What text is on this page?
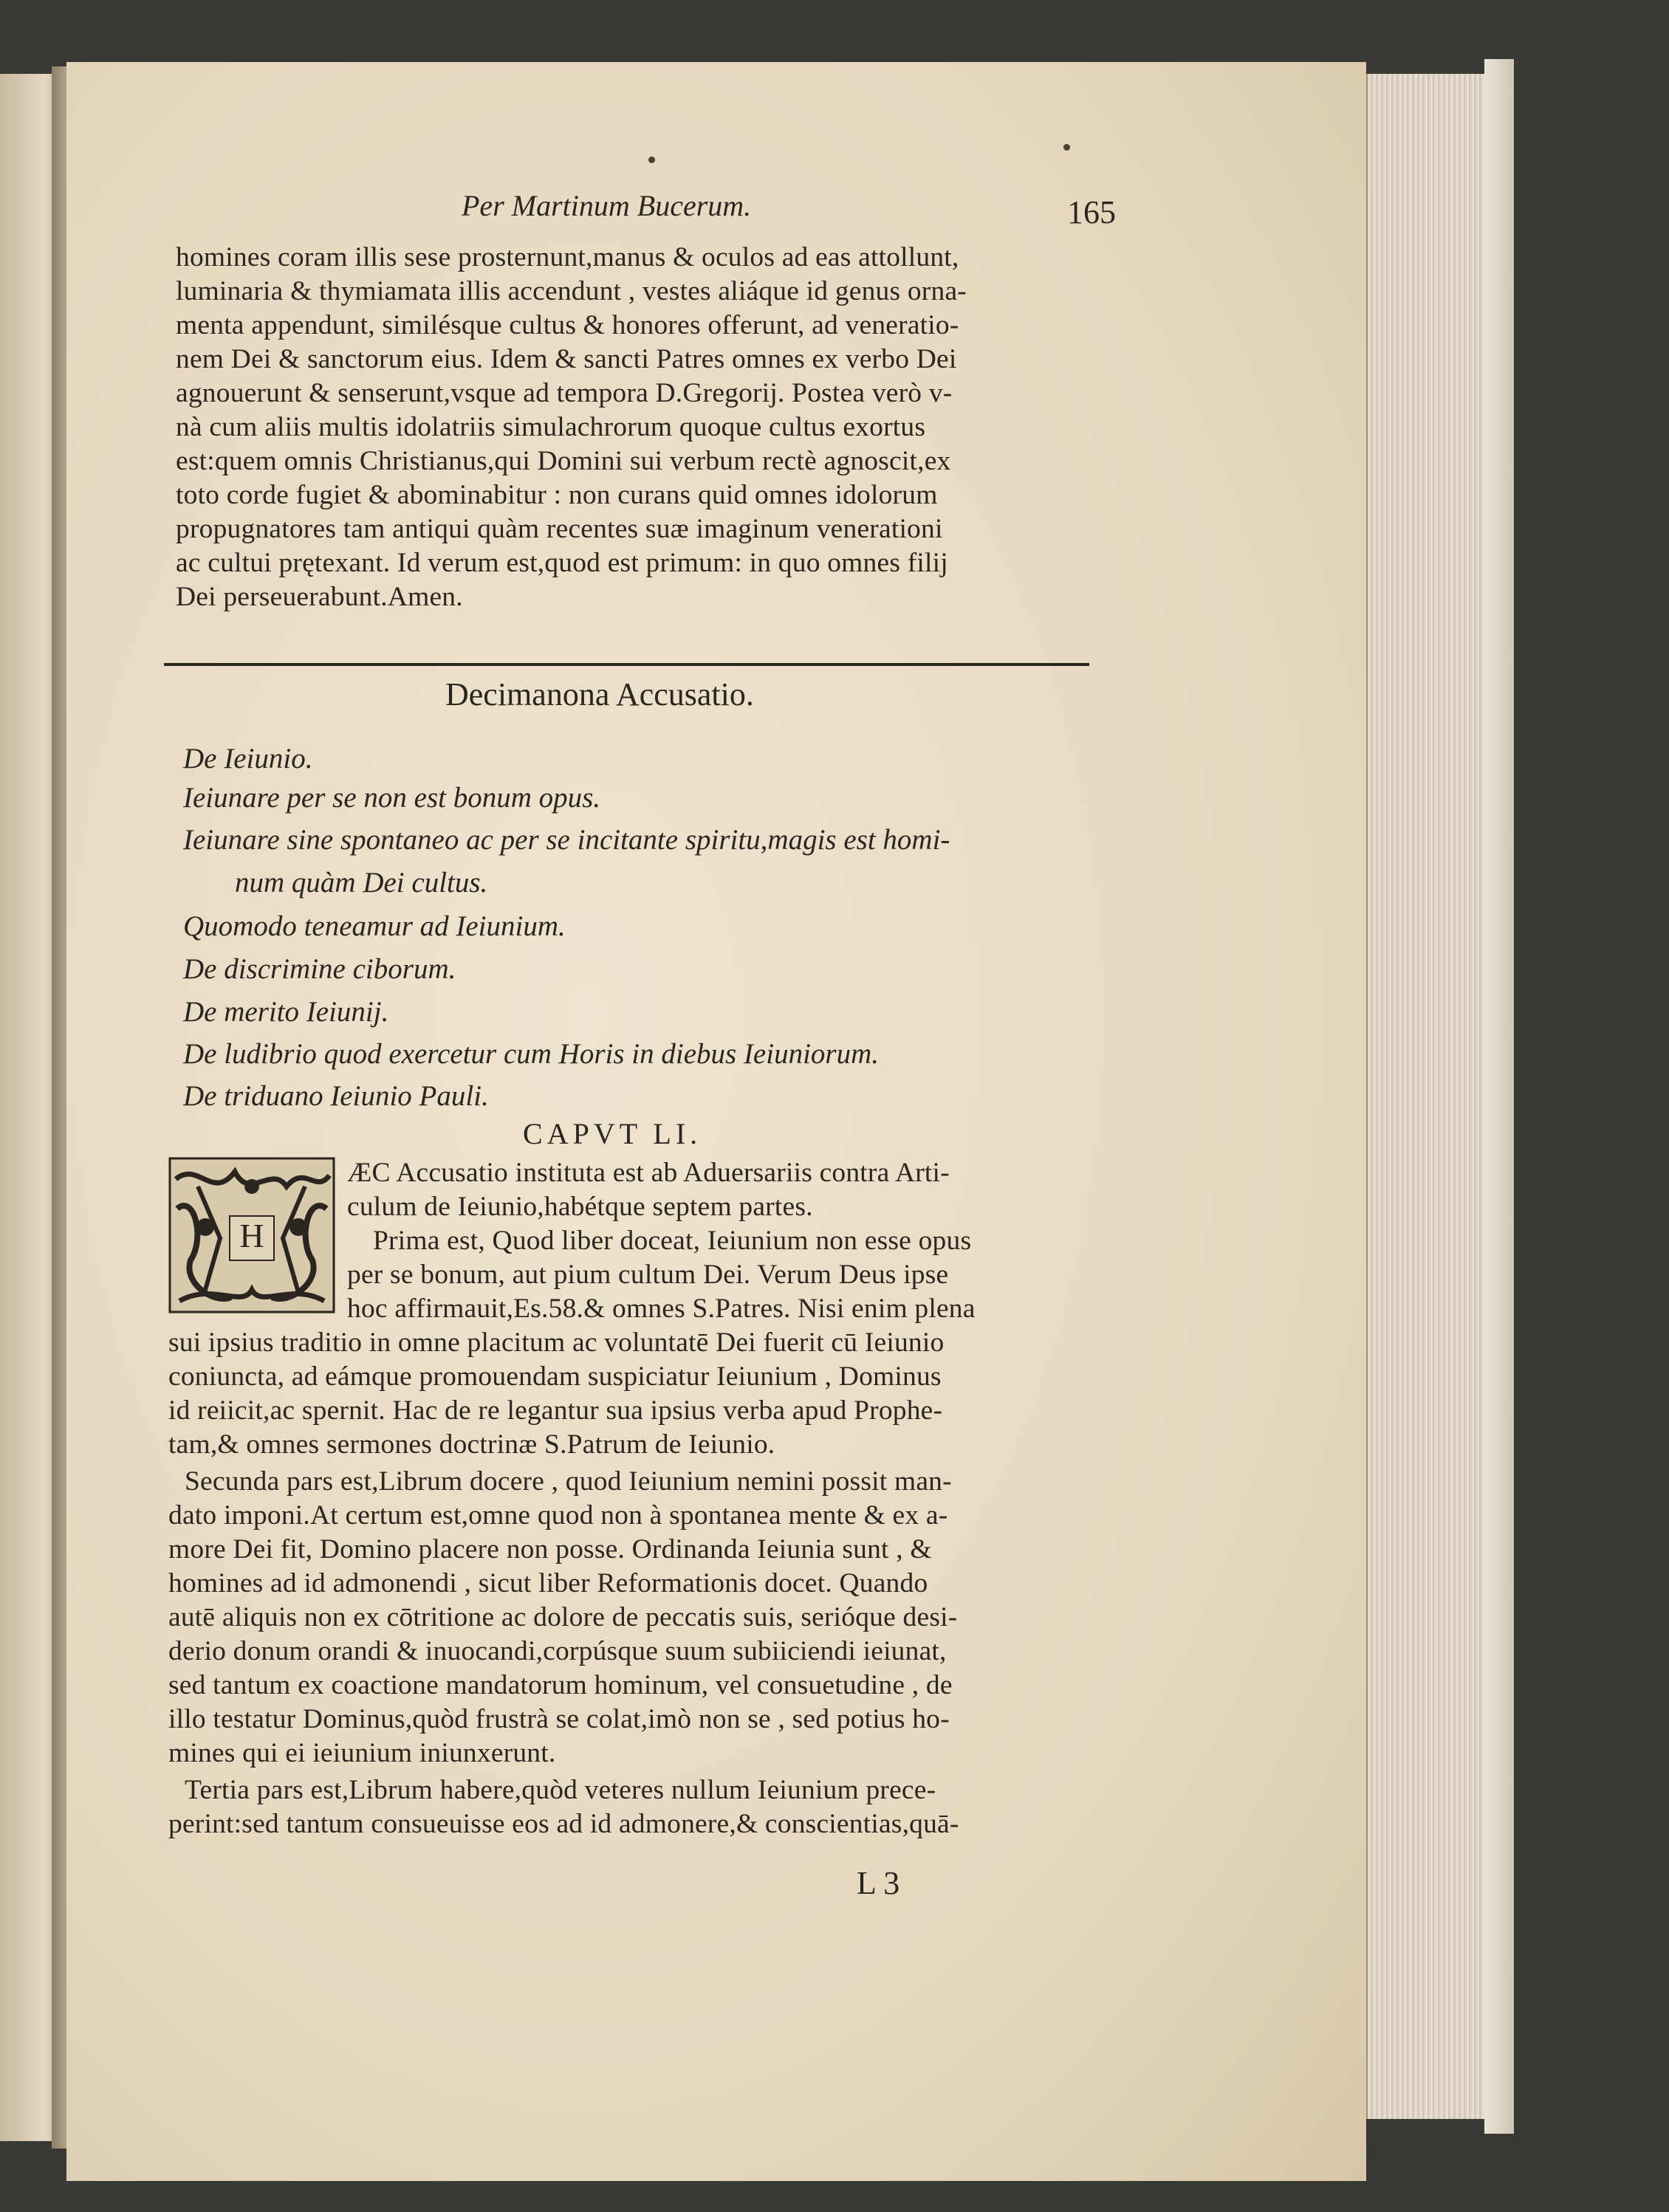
Per Martinum Bucerum.	165
homines coram illis sese prosternunt,manus & oculos ad eas attollunt,
luminaria & thymiamata illis accendunt , vestes aliáque id genus orna-
menta appendunt, similésque cultus & honores offerunt, ad veneratio-
nem Dei & sanctorum eius. Idem & sancti Patres omnes ex verbo Dei
agnouerunt & senserunt,vsque ad tempora D.Gregorij. Postea verò v-
nà cum aliis multis idolatriis simulachrorum quoque cultus exortus
est:quem omnis Christianus,qui Domini sui verbum rectè agnoscit,ex
toto corde fugiet & abominabitur : non curans quid omnes idolorum
propugnatores tam antiqui quàm recentes suæ imaginum venerationi
ac cultui prętexant. Id verum est,quod est primum: in quo omnes filij
Dei perseuerabunt.Amen.
Decimanona Accusatio.
De Ieiunio.
Ieiunare per se non est bonum opus.
Ieiunare sine spontaneo ac per se incitante spiritu,magis est homi-
num quàm Dei cultus.
Quomodo teneamur ad Ieiunium.
De discrimine ciborum.
De merito Ieiunij.
De ludibrio quod exercetur cum Horis in diebus Ieiuniorum.
De triduano Ieiunio Pauli.
CAPVT LI.
H
ÆC Accusatio instituta est ab Aduersariis contra Arti-
culum de Ieiunio,habétque septem partes.
Prima est, Quod liber doceat, Ieiunium non esse opus
per se bonum, aut pium cultum Dei. Verum Deus ipse
hoc affirmauit,Es.58.& omnes S.Patres. Nisi enim plena
sui ipsius traditio in omne placitum ac voluntatē Dei fuerit cū Ieiunio
coniuncta, ad eámque promouendam suspiciatur Ieiunium , Dominus
id reiicit,ac spernit. Hac de re legantur sua ipsius verba apud Prophe-
tam,& omnes sermones doctrinæ S.Patrum de Ieiunio.
Secunda pars est,Librum docere , quod Ieiunium nemini possit man-
dato imponi.At certum est,omne quod non à spontanea mente & ex a-
more Dei fit, Domino placere non posse. Ordinanda Ieiunia sunt , &
homines ad id admonendi , sicut liber Reformationis docet. Quando
autē aliquis non ex cōtritione ac dolore de peccatis suis, serióque desi-
derio donum orandi & inuocandi,corpúsque suum subiiciendi ieiunat,
sed tantum ex coactione mandatorum hominum, vel consuetudine , de
illo testatur Dominus,quòd frustrà se colat,imò non se , sed potius ho-
mines qui ei ieiunium iniunxerunt.
Tertia pars est,Librum habere,quòd veteres nullum Ieiunium prece-
perint:sed tantum consueuisse eos ad id admonere,& conscientias,quā-
L 3
